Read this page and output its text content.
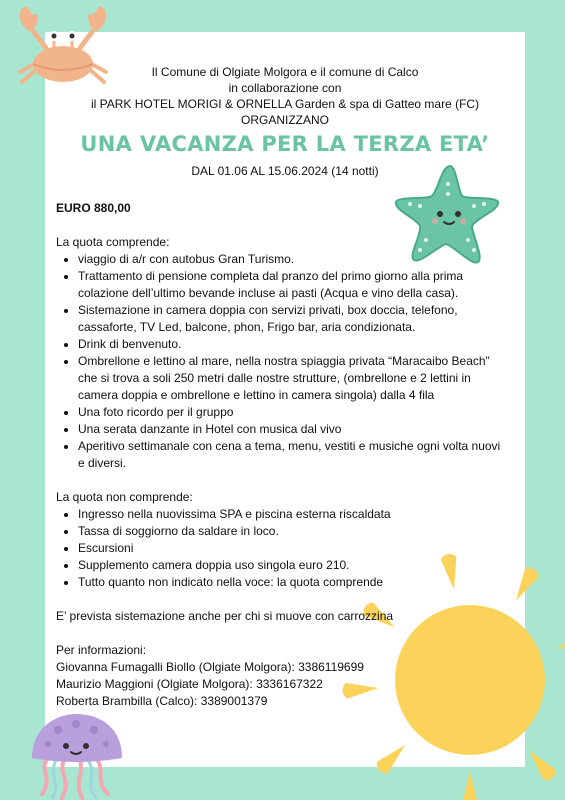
Il Comune di Olgiate Molgora e il comune di Calco
in collaborazione con
il PARK HOTEL MORIGI & ORNELLA Garden & spa di Gatteo mare (FC)
ORGANIZZANO
UNA VACANZA PER LA TERZA ETA’
DAL 01.06 AL 15.06.2024 (14 notti)

EURO 880,00

La quota comprende:

• viaggio di a/r con autobus Gran Turismo.
• Trattamento di pensione completa dal pranzo del primo giorno alla prima colazione dell’ultimo bevande incluse ai pasti (Acqua e vino della casa).
• Sistemazione in camera doppia con servizi privati, box doccia, telefono, cassaforte, TV Led, balcone, phon, Frigo bar, aria condizionata.
• Drink di benvenuto.
• Ombrellone e lettino al mare, nella nostra spiaggia privata “Maracaibo Beach” che si trova a soli 250 metri dalle nostre strutture, (ombrellone e 2 lettini in camera doppia e ombrellone e lettino in camera singola) dalla 4 fila
• Una foto ricordo per il gruppo
• Una serata danzante in Hotel con musica dal vivo
• Aperitivo settimanale con cena a tema, menu, vestiti e musiche ogni volta nuovi e diversi.

La quota non comprende:

• Ingresso nella nuovissima SPA e piscina esterna riscaldata
• Tassa di soggiorno da saldare in loco.
• Escursioni
• Supplemento camera doppia uso singola euro 210.
• Tutto quanto non indicato nella voce: la quota comprende

E’ prevista sistemazione anche per chi si muove con carrozzina

Per informazioni:

Giovanna Fumagalli Biollo (Olgiate Molgora): 3386119699
Maurizio Maggioni (Olgiate Molgora): 3336167322
Roberta Brambilla (Calco): 3389001379
